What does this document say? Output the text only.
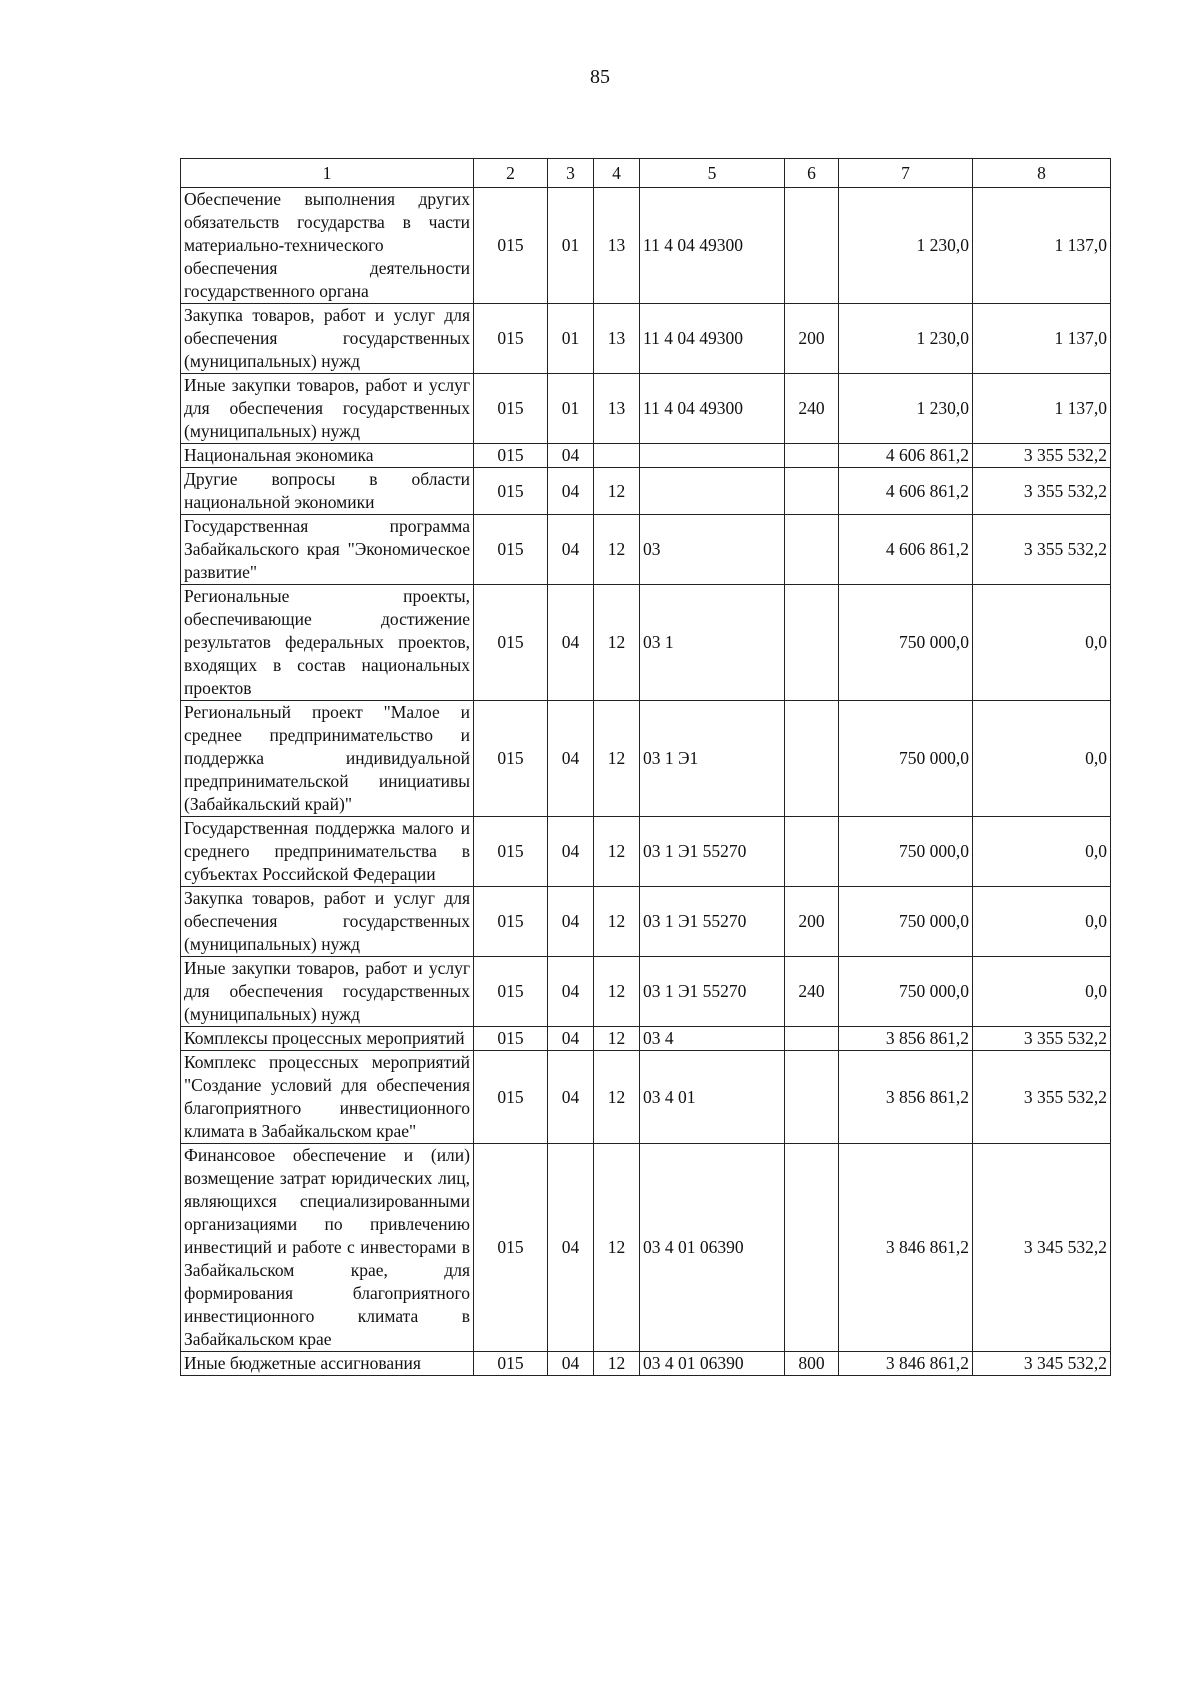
85
1	2	3	4	5	6	7	8
Обеспечение выполнения других обязательств государства в части материально-технического обеспечения деятельности государственного органа	015	01	13	11 4 04 49300		1 230,0	1 137,0
Закупка товаров, работ и услуг для обеспечения государственных (муниципальных) нужд	015	01	13	11 4 04 49300	200	1 230,0	1 137,0
Иные закупки товаров, работ и услуг для обеспечения государственных (муниципальных) нужд	015	01	13	11 4 04 49300	240	1 230,0	1 137,0
Национальная экономика	015	04				4 606 861,2	3 355 532,2
Другие вопросы в области национальной экономики	015	04	12			4 606 861,2	3 355 532,2
Государственная программа Забайкальского края "Экономическое развитие"	015	04	12	03		4 606 861,2	3 355 532,2
Региональные проекты, обеспечивающие достижение результатов федеральных проектов, входящих в состав национальных проектов	015	04	12	03 1		750 000,0	0,0
Региональный проект "Малое и среднее предпринимательство и поддержка индивидуальной предпринимательской инициативы (Забайкальский край)"	015	04	12	03 1 Э1		750 000,0	0,0
Государственная поддержка малого и среднего предпринимательства в субъектах Российской Федерации	015	04	12	03 1 Э1 55270		750 000,0	0,0
Закупка товаров, работ и услуг для обеспечения государственных (муниципальных) нужд	015	04	12	03 1 Э1 55270	200	750 000,0	0,0
Иные закупки товаров, работ и услуг для обеспечения государственных (муниципальных) нужд	015	04	12	03 1 Э1 55270	240	750 000,0	0,0
Комплексы процессных мероприятий	015	04	12	03 4		3 856 861,2	3 355 532,2
Комплекс процессных мероприятий "Создание условий для обеспечения благоприятного инвестиционного климата в Забайкальском крае"	015	04	12	03 4 01		3 856 861,2	3 355 532,2
Финансовое обеспечение и (или) возмещение затрат юридических лиц, являющихся специализированными организациями по привлечению инвестиций и работе с инвесторами в Забайкальском крае, для формирования благоприятного инвестиционного климата в Забайкальском крае	015	04	12	03 4 01 06390		3 846 861,2	3 345 532,2
Иные бюджетные ассигнования	015	04	12	03 4 01 06390	800	3 846 861,2	3 345 532,2
